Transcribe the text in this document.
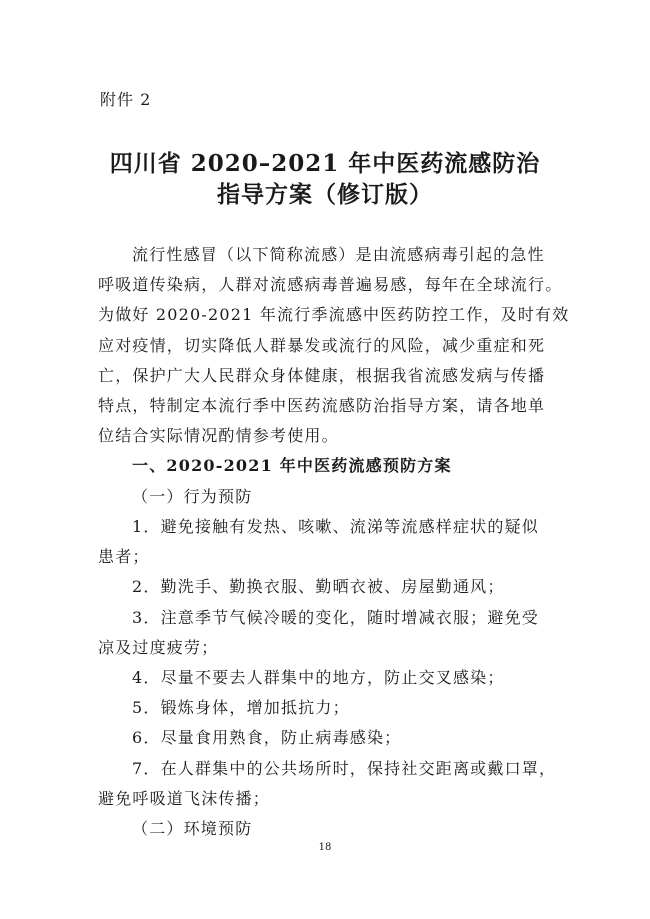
附件 2
四川省 2020–2021 年中医药流感防治
指导方案（修订版）
流行性感冒（以下简称流感）是由流感病毒引起的急性
呼吸道传染病，人群对流感病毒普遍易感，每年在全球流行。
为做好 2020-2021 年流行季流感中医药防控工作，及时有效
应对疫情，切实降低人群暴发或流行的风险，减少重症和死
亡，保护广大人民群众身体健康，根据我省流感发病与传播
特点，特制定本流行季中医药流感防治指导方案，请各地单
位结合实际情况酌情参考使用。
一、2020-2021 年中医药流感预防方案
（一）行为预防
1．避免接触有发热、咳嗽、流涕等流感样症状的疑似
患者；
2．勤洗手、勤换衣服、勤晒衣被、房屋勤通风；
3．注意季节气候冷暖的变化，随时增减衣服；避免受
凉及过度疲劳；
4．尽量不要去人群集中的地方，防止交叉感染；
5．锻炼身体，增加抵抗力；
6．尽量食用熟食，防止病毒感染；
7．在人群集中的公共场所时，保持社交距离或戴口罩，
避免呼吸道飞沫传播；
（二）环境预防
18
